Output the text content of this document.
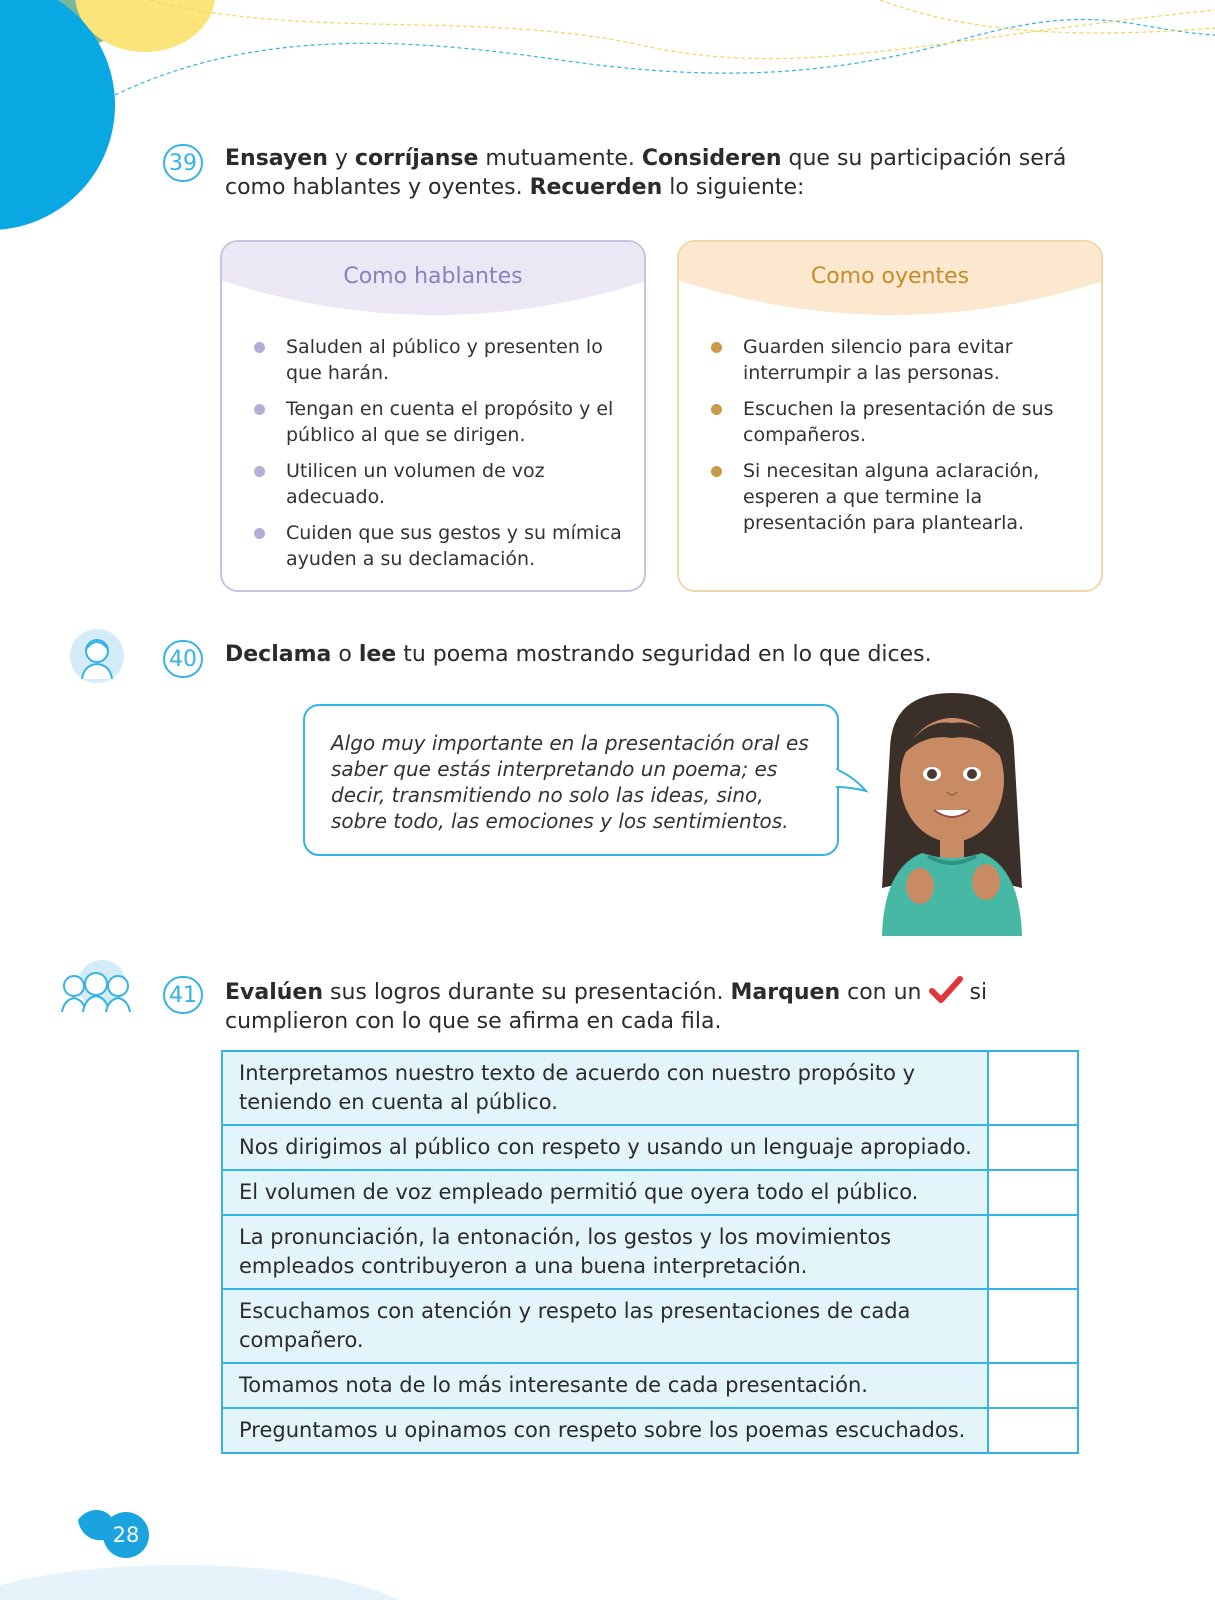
39 Ensayen y corríjanse mutuamente. Consideren que su participación será como hablantes y oyentes. Recuerden lo siguiente:
Como hablantes
Saluden al público y presenten lo que harán.
Tengan en cuenta el propósito y el público al que se dirigen.
Utilicen un volumen de voz adecuado.
Cuiden que sus gestos y su mímica ayuden a su declamación.
Como oyentes
Guarden silencio para evitar interrumpir a las personas.
Escuchen la presentación de sus compañeros.
Si necesitan alguna aclaración, esperen a que termine la presentación para plantearla.
40 Declama o lee tu poema mostrando seguridad en lo que dices.

Algo muy importante en la presentación oral es saber que estás interpretando un poema; es decir, transmitiendo no solo las ideas, sino, sobre todo, las emociones y los sentimientos.

41 Evalúen sus logros durante su presentación. Marquen con un  si cumplieron con lo que se afirma en cada fila.
Interpretamos nuestro texto de acuerdo con nuestro propósito y teniendo en cuenta al público.	
Nos dirigimos al público con respeto y usando un lenguaje apropiado.	
El volumen de voz empleado permitió que oyera todo el público.	
La pronunciación, la entonación, los gestos y los movimientos empleados contribuyeron a una buena interpretación.	
Escuchamos con atención y respeto las presentaciones de cada compañero.	
Tomamos nota de lo más interesante de cada presentación.	
Preguntamos u opinamos con respeto sobre los poemas escuchados.	
28
